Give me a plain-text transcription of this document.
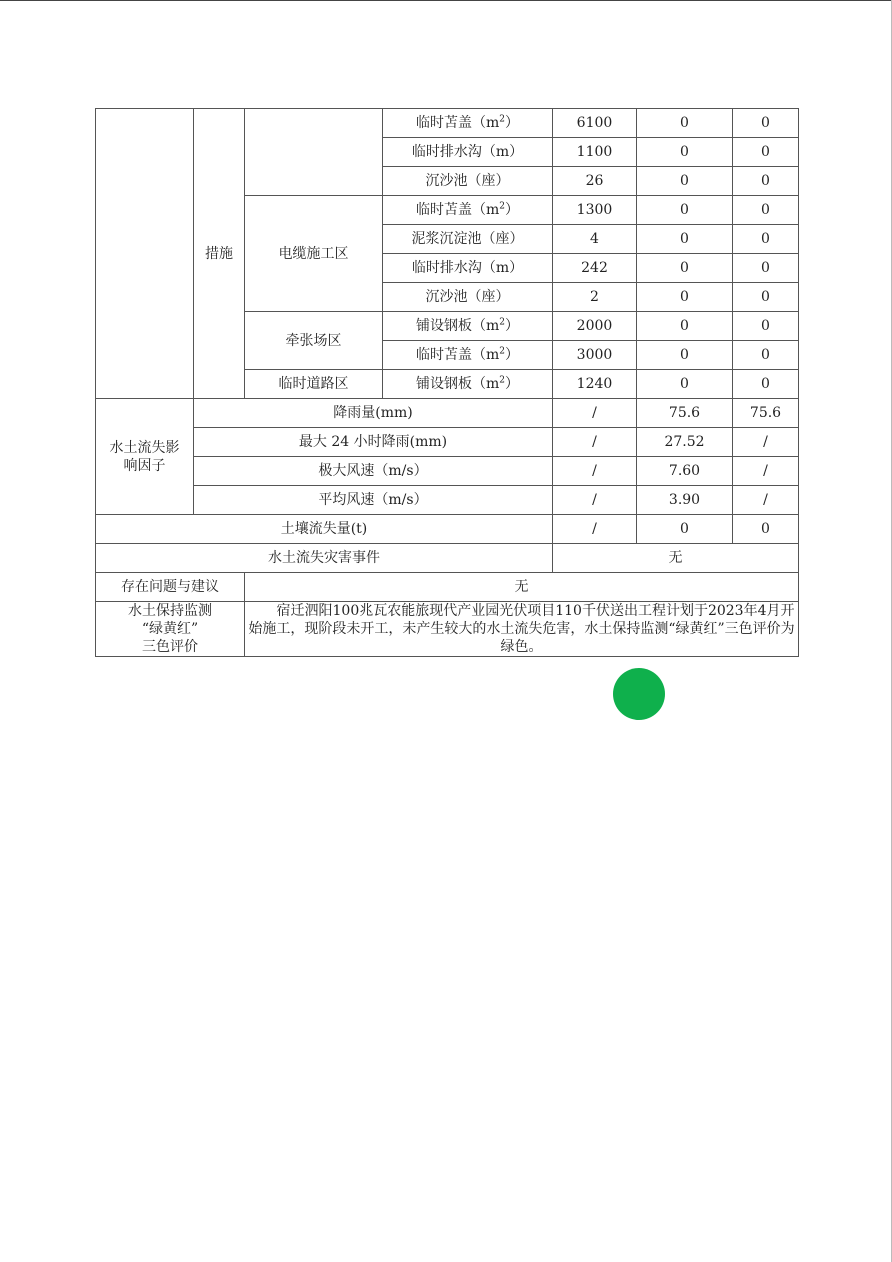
	措施		临时苫盖$(m^2)$	6100	0	0
			临时排水沟（m）	1100	0	0
			沉沙池（座）	26	0	0
		电缆施工区	临时苫盖$(m^2)$	1300	0	0
			泥浆沉淀池（座）	4	0	0
			临时排水沟（m）	242	0	0
			沉沙池（座）	2	0	0
		牵张场区	铺设钢板$(m^2)$	2000	0	0
			临时苫盖$(m^2)$	3000	0	0
		临时道路区	铺设钢板$(m^2)$	1240	0	0
水土流失影
响因子	降雨量(mm)			/	75.6	75.6
	最大 24 小时降雨(mm)			/	27.52	/
	极大风速（m/s）			/	7.60	/
	平均风速（m/s）			/	3.90	/
土壤流失量(t)				/	0	0
水土流失灾害事件				无		
存在问题与建议		无				
水土保持监测
“绿黄红”
三色评价		宿迁泗阳100兆瓦农能旅现代产业园光伏项目110千伏送出工程计划于2023年4月开始施工，现阶段未开工，未产生较大的水土流失危害，水土保持监测“绿黄红”三色评价为绿色。				
